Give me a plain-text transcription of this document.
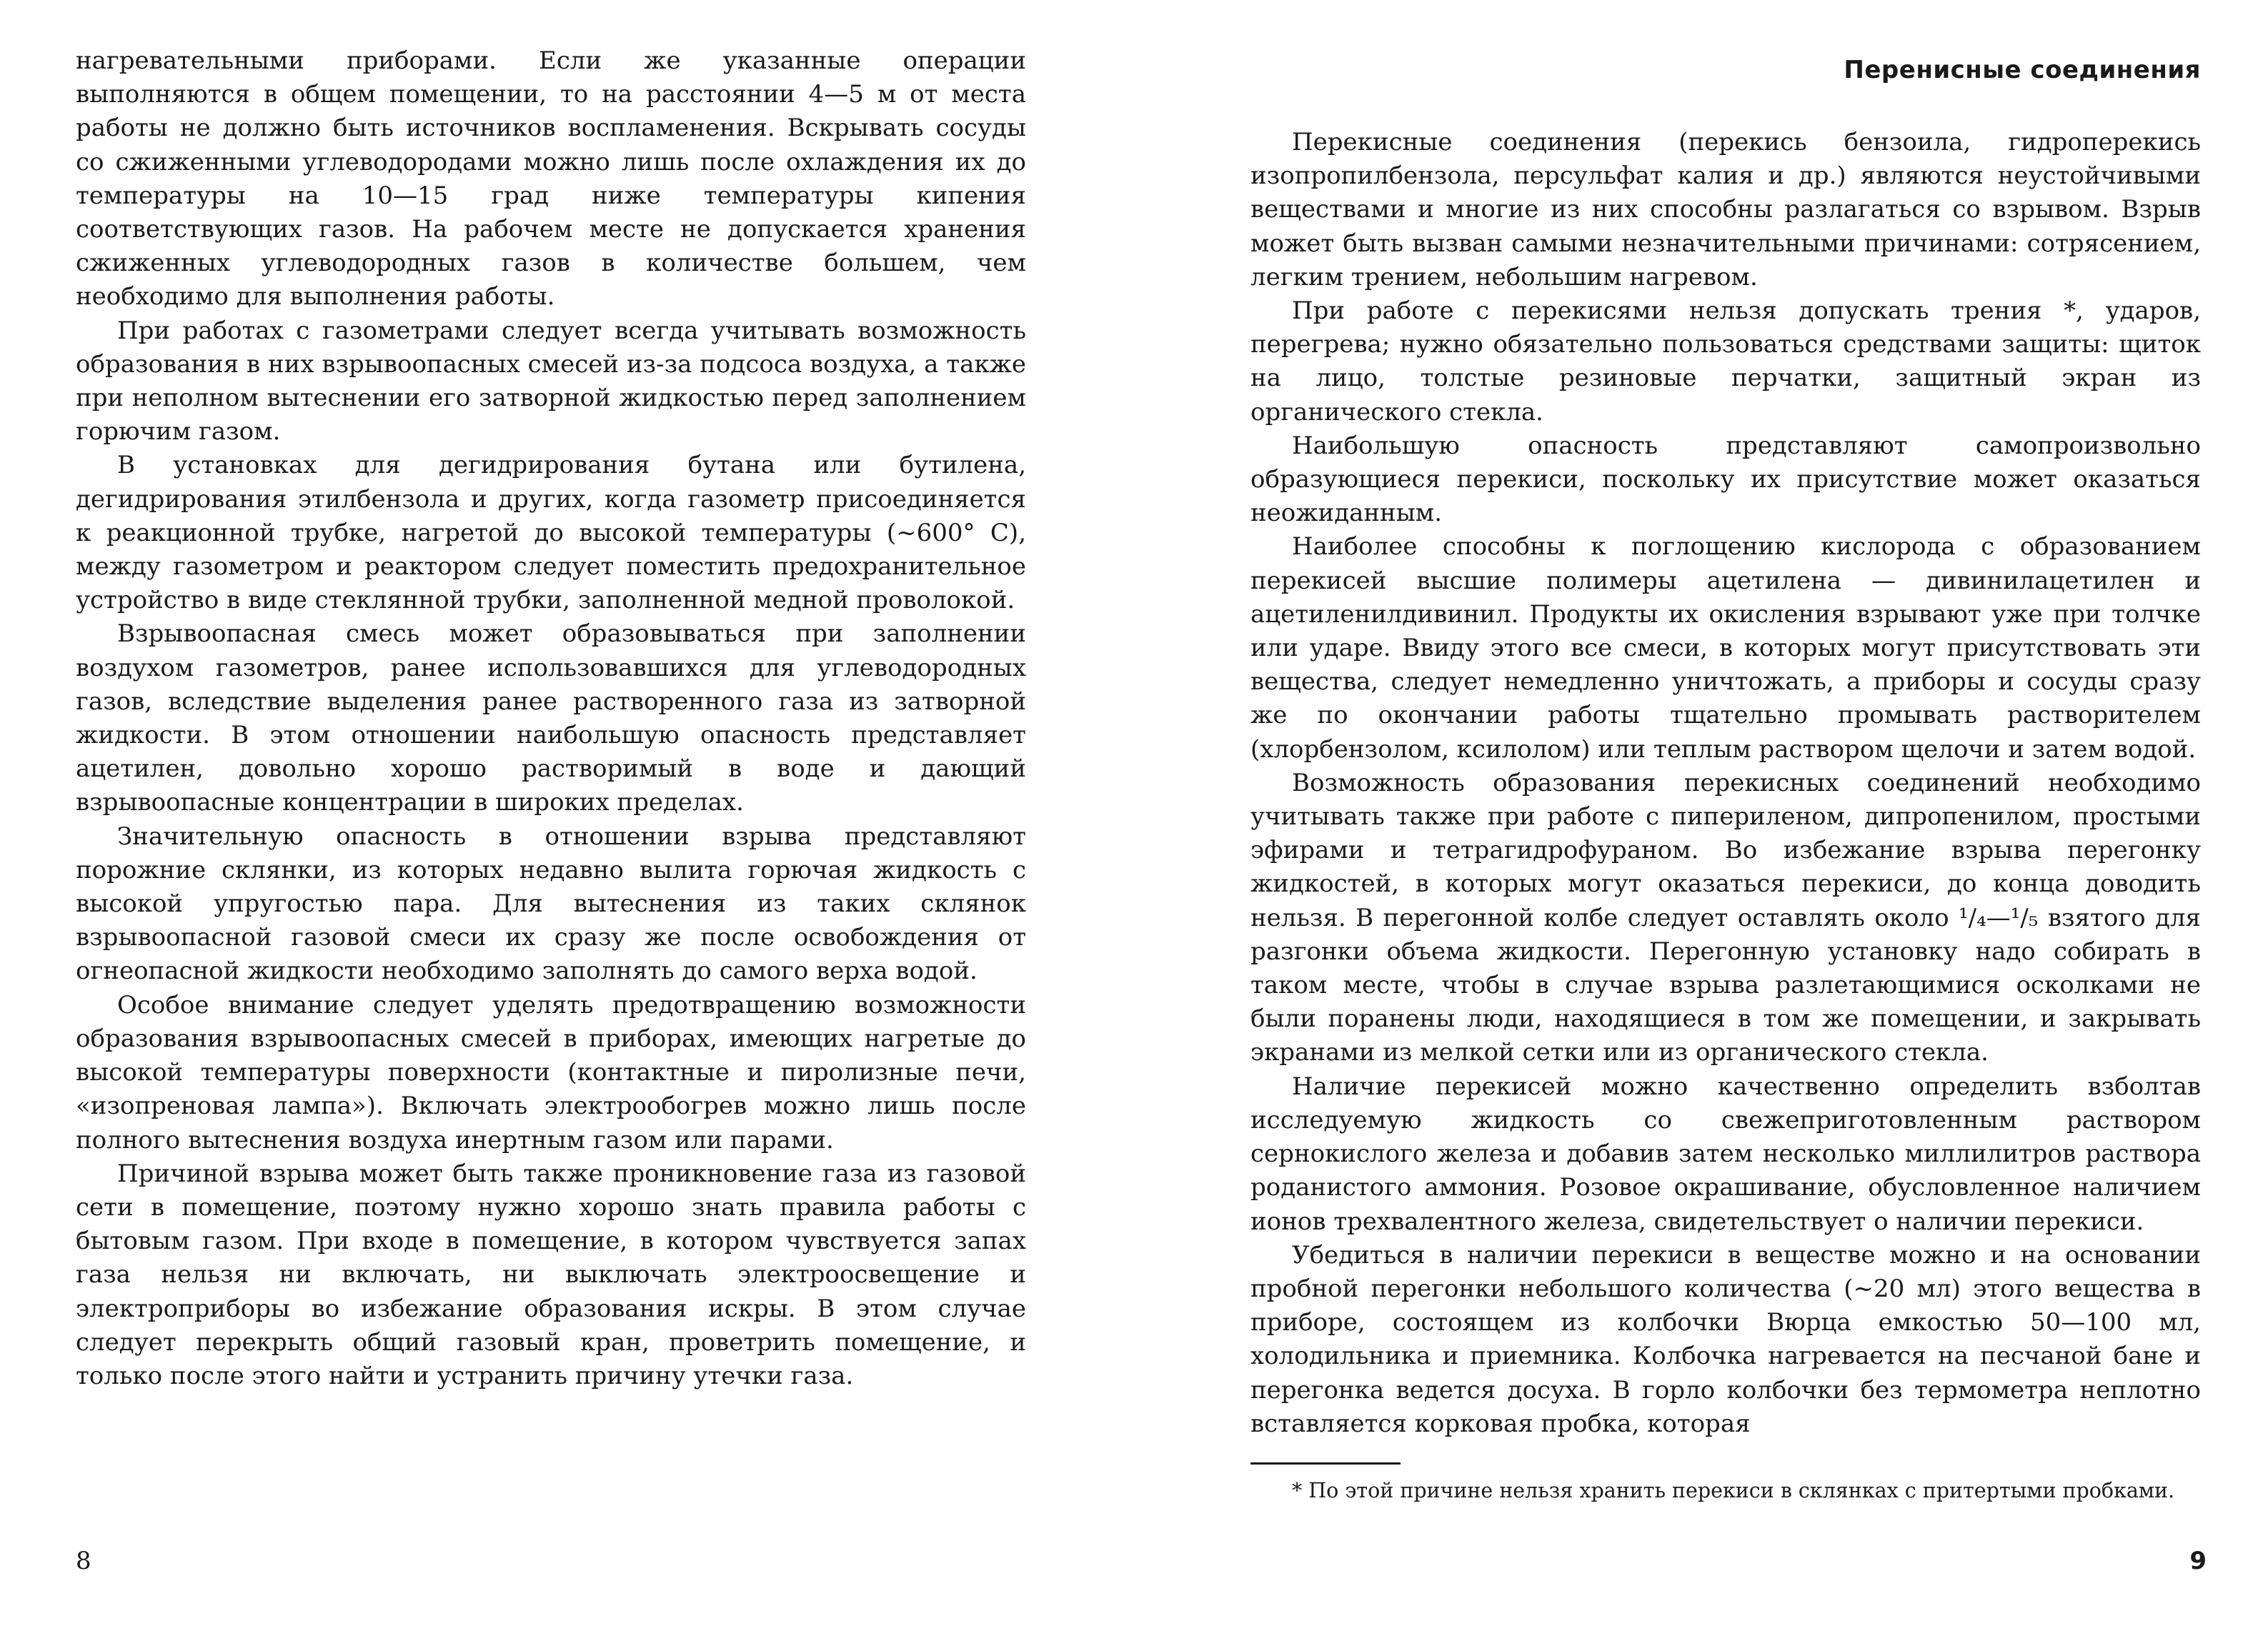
нагревательными приборами. Если же указанные операции выполняются в общем помещении, то на расстоянии 4—5 м от места работы не должно быть источников воспламенения. Вскрывать сосуды со сжиженными углеводородами можно лишь после охлаждения их до температуры на 10—15 град ниже температуры кипения соответствующих газов. На рабочем месте не допускается хранения сжиженных углеводородных газов в количестве большем, чем необходимо для выполнения работы.

При работах с газометрами следует всегда учитывать возможность образования в них взрывоопасных смесей из-за подсоса воздуха, а также при неполном вытеснении его затворной жидкостью перед заполнением горючим газом.

В установках для дегидрирования бутана или бутилена, дегидрирования этилбензола и других, когда газометр присоединяется к реакционной трубке, нагретой до высокой температуры (~600° С), между газометром и реактором следует поместить предохранительное устройство в виде стеклянной трубки, заполненной медной проволокой.

Взрывоопасная смесь может образовываться при заполнении воздухом газометров, ранее использовавшихся для углеводородных газов, вследствие выделения ранее растворенного газа из затворной жидкости. В этом отношении наибольшую опасность представляет ацетилен, довольно хорошо растворимый в воде и дающий взрывоопасные концентрации в широких пределах.

Значительную опасность в отношении взрыва представляют порожние склянки, из которых недавно вылита горючая жидкость с высокой упругостью пара. Для вытеснения из таких склянок взрывоопасной газовой смеси их сразу же после освобождения от огнеопасной жидкости необходимо заполнять до самого верха водой.

Особое внимание следует уделять предотвращению возможности образования взрывоопасных смесей в приборах, имеющих нагретые до высокой температуры поверхности (контактные и пиролизные печи, «изопреновая лампа»). Включать электрообогрев можно лишь после полного вытеснения воздуха инертным газом или парами.

Причиной взрыва может быть также проникновение газа из газовой сети в помещение, поэтому нужно хорошо знать правила работы с бытовым газом. При входе в помещение, в котором чувствуется запах газа нельзя ни включать, ни выключать электроосвещение и электроприборы во избежание образования искры. В этом случае следует перекрыть общий газовый кран, проветрить помещение, и только после этого найти и устранить причину утечки газа.

8
Перенисные соединения

Перекисные соединения (перекись бензоила, гидроперекись изопропилбензола, персульфат калия и др.) являются неустойчивыми веществами и многие из них способны разлагаться со взрывом. Взрыв может быть вызван самыми незначительными причинами: сотрясением, легким трением, небольшим нагревом.

При работе с перекисями нельзя допускать трения *, ударов, перегрева; нужно обязательно пользоваться средствами защиты: щиток на лицо, толстые резиновые перчатки, защитный экран из органического стекла.

Наибольшую опасность представляют самопроизвольно образующиеся перекиси, поскольку их присутствие может оказаться неожиданным.

Наиболее способны к поглощению кислорода с образованием перекисей высшие полимеры ацетилена — дивинилацетилен и ацетиленилдивинил. Продукты их окисления взрывают уже при толчке или ударе. Ввиду этого все смеси, в которых могут присутствовать эти вещества, следует немедленно уничтожать, а приборы и сосуды сразу же по окончании работы тщательно промывать растворителем (хлорбензолом, ксилолом) или теплым раствором щелочи и затем водой.

Возможность образования перекисных соединений необходимо учитывать также при работе с пипериленом, дипропенилом, простыми эфирами и тетрагидрофураном. Во избежание взрыва перегонку жидкостей, в которых могут оказаться перекиси, до конца доводить нельзя. В перегонной колбе следует оставлять около ¹/₄—¹/₅ взятого для разгонки объема жидкости. Перегонную установку надо собирать в таком месте, чтобы в случае взрыва разлетающимися осколками не были поранены люди, находящиеся в том же помещении, и закрывать экранами из мелкой сетки или из органического стекла.

Наличие перекисей можно качественно определить взболтав исследуемую жидкость со свежеприготовленным раствором сернокислого железа и добавив затем несколько миллилитров раствора роданистого аммония. Розовое окрашивание, обусловленное наличием ионов трехвалентного железа, свидетельствует о наличии перекиси.

Убедиться в наличии перекиси в веществе можно и на основании пробной перегонки небольшого количества (~20 мл) этого вещества в приборе, состоящем из колбочки Вюрца емкостью 50—100 мл, холодильника и приемника. Колбочка нагревается на песчаной бане и перегонка ведется досуха. В горло колбочки без термометра неплотно вставляется корковая пробка, которая

* По этой причине нельзя хранить перекиси в склянках с притертыми пробками.

9
